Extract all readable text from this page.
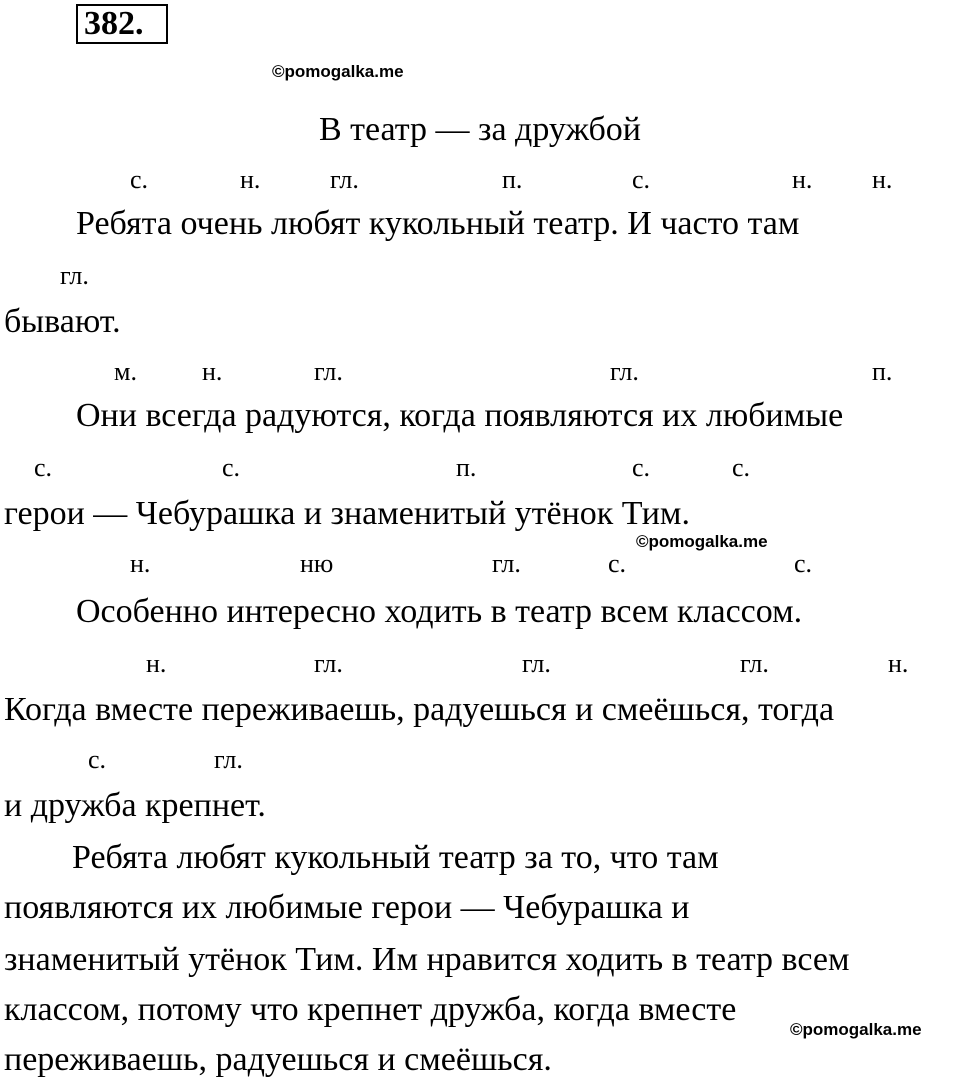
382.
©pomogalka.me
В театр — за дружбой
с.	н.	гл.	п.	с.	н. н.
Ребята очень любят кукольный театр. И часто там
гл.
бывают.
м.	н.	гл.	гл.	п.
Они всегда радуются, когда появляются их любимые
с.	с.	п.	с.	с.
герои — Чебурашка и знаменитый утёнок Тим.
©pomogalka.me
н.	ню	гл.	с.	с.
Особенно интересно ходить в театр всем классом.
н.	гл.	гл.	гл.	н.
Когда вместе переживаешь, радуешься и смеёшься, тогда
с.	гл.
и дружба крепнет.
Ребята любят кукольный театр за то, что там
появляются их любимые герои — Чебурашка и
знаменитый утёнок Тим. Им нравится ходить в театр всем
классом, потому что крепнет дружба, когда вместе
©pomogalka.me
переживаешь, радуешься и смеёшься.
